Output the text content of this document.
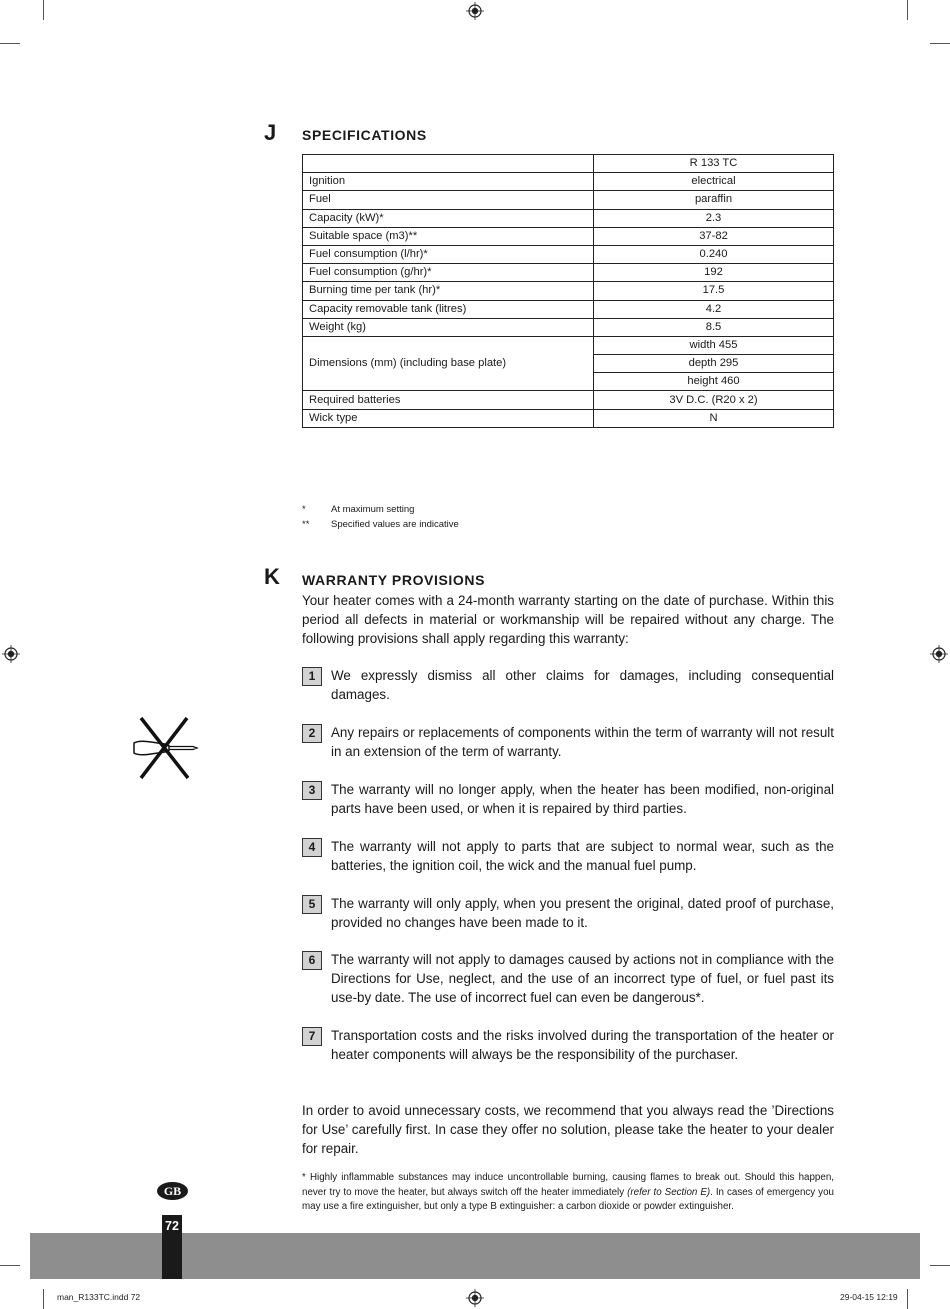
J SPECIFICATIONS
	R 133 TC
Ignition	electrical
Fuel	paraffin
Capacity (kW)*	2.3
Suitable space (m3)**	37-82
Fuel consumption (l/hr)*	0.240
Fuel consumption (g/hr)*	192
Burning time per tank (hr)*	17.5
Capacity removable tank (litres)	4.2
Weight (kg)	8.5
Dimensions (mm) (including base plate)	width 455
	depth 295
	height 460
Required batteries	3V D.C. (R20 x 2)
Wick type	N
*	At maximum setting
** Specified values are indicative
K WARRANTY PROVISIONS
Your heater comes with a 24-month warranty starting on the date of purchase. Within this period all defects in material or workmanship will be repaired without any charge. The following provisions shall apply regarding this warranty:
1	We expressly dismiss all other claims for damages, including consequential damages.
2	Any repairs or replacements of components within the term of warranty will not result in an extension of the term of warranty.
3	The warranty will no longer apply, when the heater has been modified, non-original parts have been used, or when it is repaired by third parties.
4	The warranty will not apply to parts that are subject to normal wear, such as the batteries, the ignition coil, the wick and the manual fuel pump.
5	The warranty will only apply, when you present the original, dated proof of purchase, provided no changes have been made to it.
6	The warranty will not apply to damages caused by actions not in compliance with the Directions for Use, neglect, and the use of an incorrect type of fuel, or fuel past its use-by date. The use of incorrect fuel can even be dangerous*.
7	Transportation costs and the risks involved during the transportation of the heater or heater components will always be the responsibility of the purchaser.
In order to avoid unnecessary costs, we recommend that you always read the ’Directions for Use’ carefully first. In case they offer no solution, please take the heater to your dealer for repair.
* Highly inflammable substances may induce uncontrollable burning, causing flames to break out. Should this happen, never try to move the heater, but always switch off the heater immediately (refer to Section E). In cases of emergency you may use a fire extinguisher, but only a type B extinguisher: a carbon dioxide or powder extinguisher.
72
GB
man_R133TC.indd 72	29-04-15 12:19
